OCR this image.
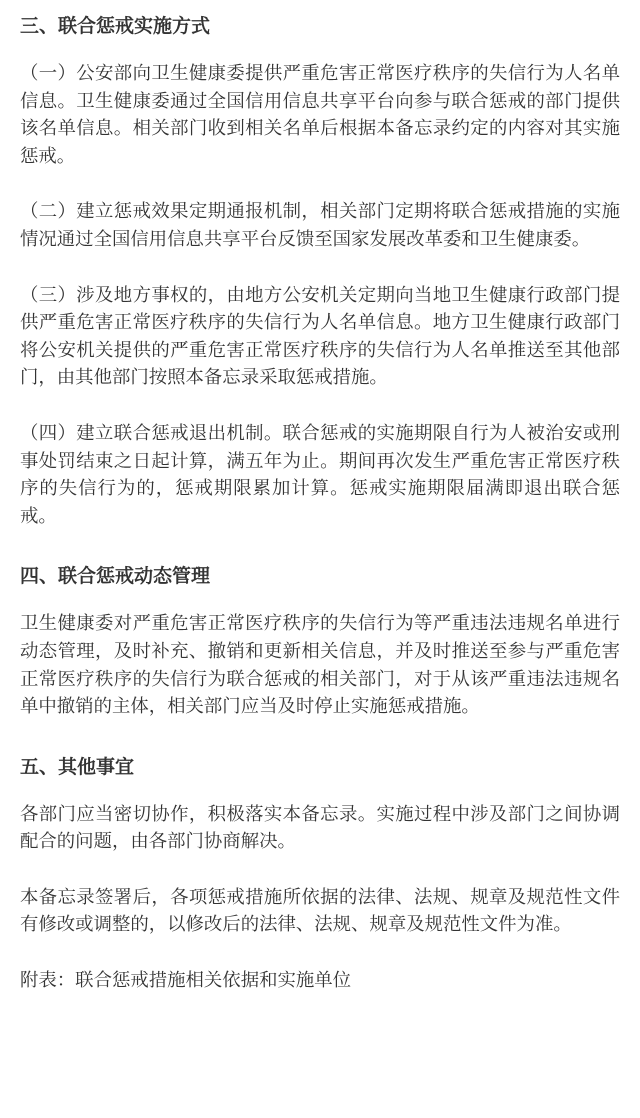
三、联合惩戒实施方式

（一）公安部向卫生健康委提供严重危害正常医疗秩序的失信行为人名单信息。卫生健康委通过全国信用信息共享平台向参与联合惩戒的部门提供该名单信息。相关部门收到相关名单后根据本备忘录约定的内容对其实施惩戒。

（二）建立惩戒效果定期通报机制，相关部门定期将联合惩戒措施的实施情况通过全国信用信息共享平台反馈至国家发展改革委和卫生健康委。

（三）涉及地方事权的，由地方公安机关定期向当地卫生健康行政部门提供严重危害正常医疗秩序的失信行为人名单信息。地方卫生健康行政部门将公安机关提供的严重危害正常医疗秩序的失信行为人名单推送至其他部门，由其他部门按照本备忘录采取惩戒措施。

（四）建立联合惩戒退出机制。联合惩戒的实施期限自行为人被治安或刑事处罚结束之日起计算，满五年为止。期间再次发生严重危害正常医疗秩序的失信行为的，惩戒期限累加计算。惩戒实施期限届满即退出联合惩戒。

四、联合惩戒动态管理

卫生健康委对严重危害正常医疗秩序的失信行为等严重违法违规名单进行动态管理，及时补充、撤销和更新相关信息，并及时推送至参与严重危害正常医疗秩序的失信行为联合惩戒的相关部门，对于从该严重违法违规名单中撤销的主体，相关部门应当及时停止实施惩戒措施。

五、其他事宜

各部门应当密切协作，积极落实本备忘录。实施过程中涉及部门之间协调配合的问题，由各部门协商解决。

本备忘录签署后，各项惩戒措施所依据的法律、法规、规章及规范性文件有修改或调整的，以修改后的法律、法规、规章及规范性文件为准。

附表：联合惩戒措施相关依据和实施单位
